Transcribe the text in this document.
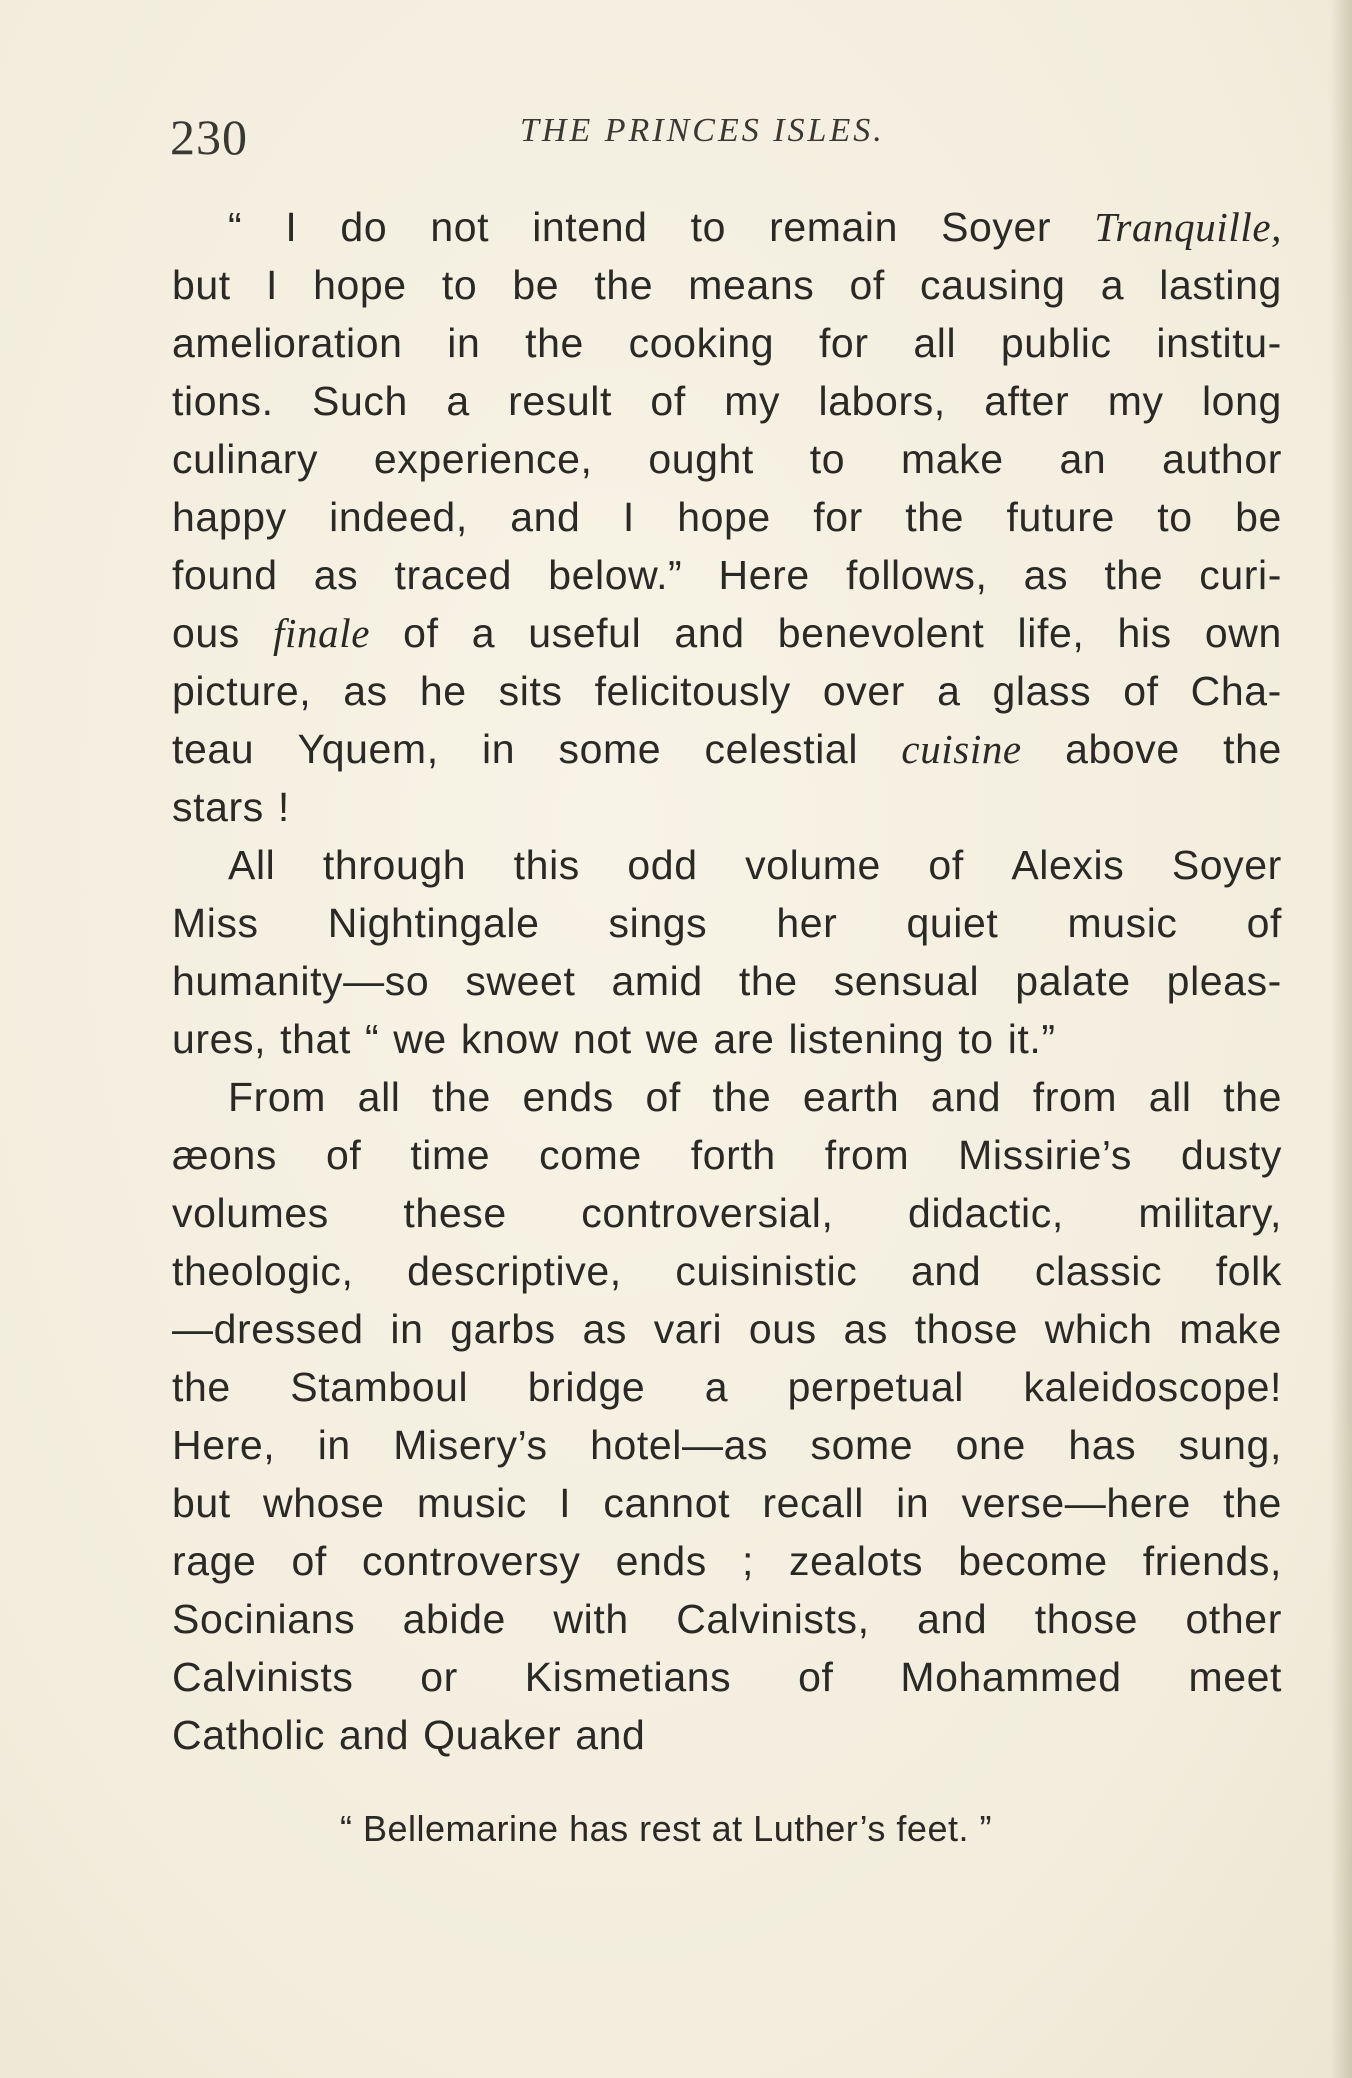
230	THE PRINCES ISLES.
“ I do not intend to remain Soyer Tranquille,
but I hope to be the means of causing a lasting
amelioration in the cooking for all public institu-
tions. Such a result of my labors, after my long
culinary experience, ought to make an author
happy indeed, and I hope for the future to be
found as traced below.” Here follows, as the curi-
ous finale of a useful and benevolent life, his own
picture, as he sits felicitously over a glass of Cha-
teau Yquem, in some celestial cuisine above the
stars !
All through this odd volume of Alexis Soyer
Miss Nightingale sings her quiet music of
humanity—so sweet amid the sensual palate pleas-
ures, that “ we know not we are listening to it.”
From all the ends of the earth and from all the
æons of time come forth from Missirie’s dusty
volumes these controversial, didactic, military,
theologic, descriptive, cuisinistic and classic folk
—dressed in garbs as vari ous as those which make
the Stamboul bridge a perpetual kaleidoscope!
Here, in Misery’s hotel—as some one has sung,
but whose music I cannot recall in verse—here the
rage of controversy ends ; zealots become friends,
Socinians abide with Calvinists, and those other
Calvinists or Kismetians of Mohammed meet
Catholic and Quaker and
“ Bellemarine has rest at Luther’s feet. ”
